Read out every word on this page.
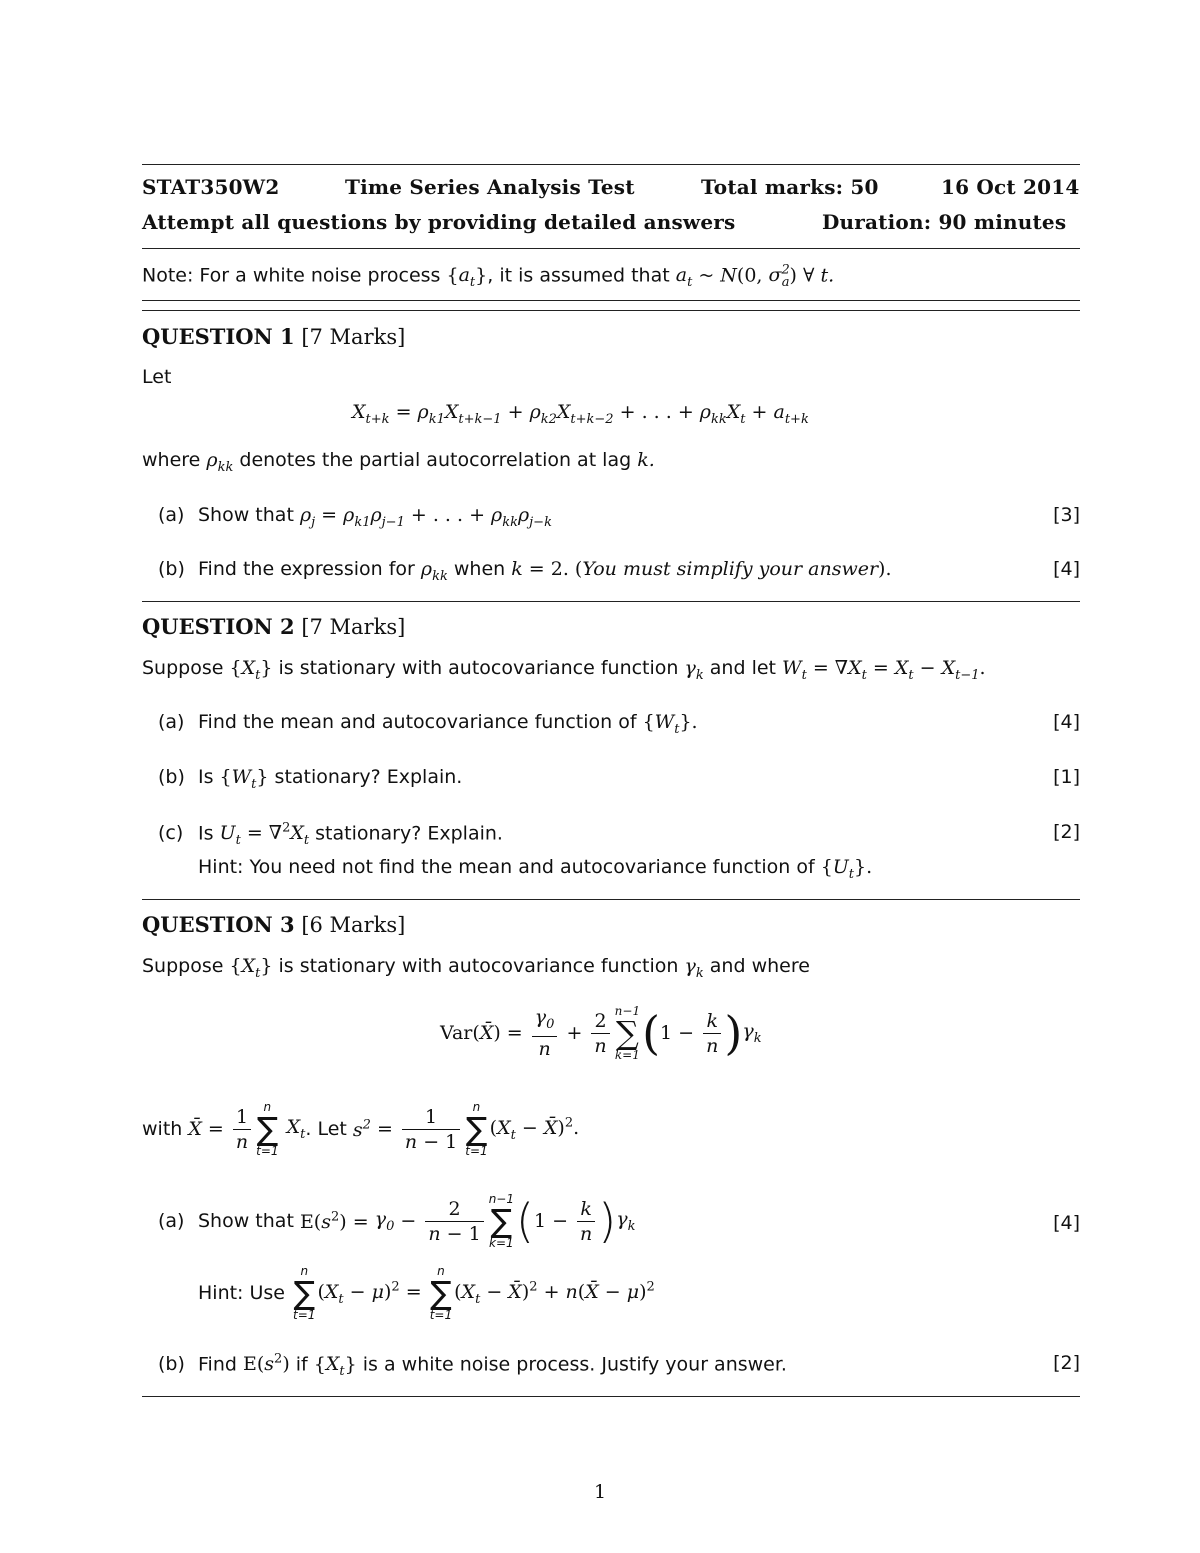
STAT350W2	Time Series Analysis Test	Total marks: 50	16 Oct 2014
Attempt all questions by providing detailed answers	Duration: 90 minutes
Note: For a white noise process $\{a_t\}$, it is assumed that $a_t$ ~ N(0, $\sigma^2_a$) ∀ t.
QUESTION 1 [7 Marks]
Let
$X_{t+k} = \rho_{k1}X_{t+k-1} + \rho_{k2}X_{t+k-2}$ + . . . + $\rho_{kk}X_t + a_{t+k}$
where $\rho_{kk}$ denotes the partial autocorrelation at lag k.
(a) Show that $\rho_j = \rho_{k1}\rho_{j-1}$ + . . . + $\rho_{kk}\rho_{j-k}$	[3]
(b) Find the expression for $\rho_{kk}$ when k = 2. (You must simplify your answer).	[4]
QUESTION 2 [7 Marks]
Suppose $\{X_t\}$ is stationary with autocovariance function $\gamma_k$ and let $W_t = \nabla X_t = X_t - X_{t-1}$.
(a) Find the mean and autocovariance function of $\{W_t\}$.	[4]
(b) Is $\{W_t\}$ stationary? Explain.	[1]
(c) Is $U_t = \nabla^2X_t$ stationary? Explain.	[2]
Hint: You need not find the mean and autocovariance function of $\{U_t\}$.
QUESTION 3 [6 Marks]
Suppose $\{X_t\}$ is stationary with autocovariance function $\gamma_k$ and where
Var(X̄) = $\frac{\gamma_0}{n} + \frac{2}{n} n-1$
∑
k=1 $(1 - \frac{k}{n} )\gamma_k$
with X̄ = $\frac{1}{n}$	n
∑
t=1
$X_t$. Let $s^2 = \frac{1}{n - 1}$	n
∑
t=1
($X_t$ − X̄)$^2$.
(a) Show that $E(s^2) = \gamma_0 - \frac{2}{n - 1} n-1$
∑
k=1 $(1 - \frac{k}{n} )\gamma_k$	[4]
Hint: Use
n
∑
t=1
$(X_t - \mu)^2$ =
n
∑
t=1
($X_t$ − X̄)$^2$ + n(X̄ − μ)$^2$
(b) Find $E(s^2)$ if $\{X_t\}$ is a white noise process. Justify your answer.	[2]
1
